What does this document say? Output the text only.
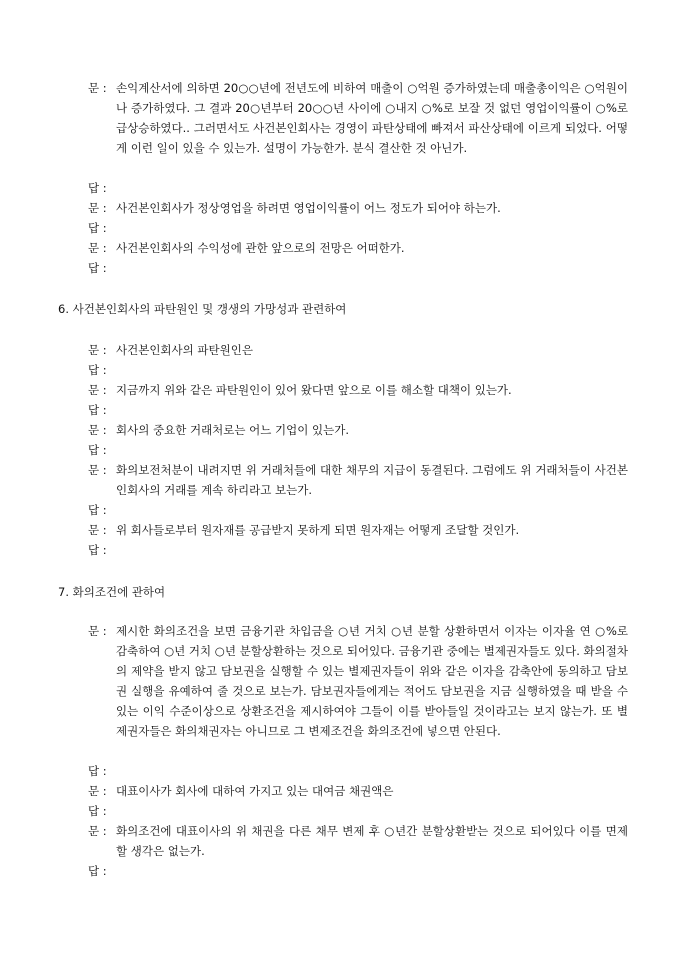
문 : 손익계산서에 의하면 20○○년에 전년도에 비하여 매출이 ○억원 증가하였는데 매출총이익은 ○억원이나 증가하였다. 그 결과 20○년부터 20○○년 사이에 ○내지 ○%로 보잘 것 없던 영업이익률이 ○%로 급상승하였다.. 그러면서도 사건본인회사는 경영이 파탄상태에 빠져서 파산상태에 이르게 되었다. 어떻게 이런 일이 있을 수 있는가. 설명이 가능한가. 분식 결산한 것 아닌가.
답 :
문 : 사건본인회사가 정상영업을 하려면 영업이익률이 어느 정도가 되어야 하는가.
답 :
문 : 사건본인회사의 수익성에 관한 앞으로의 전망은 어떠한가.
답 :
6. 사건본인회사의 파탄원인 및 갱생의 가망성과 관련하여
문 : 사건본인회사의 파탄원인은
답 :
문 : 지금까지 위와 같은 파탄원인이 있어 왔다면 앞으로 이를 해소할 대책이 있는가.
답 :
문 : 회사의 중요한 거래처로는 어느 기업이 있는가.
답 :
문 : 화의보전처분이 내려지면 위 거래처들에 대한 채무의 지급이 동결된다. 그럼에도 위 거래처들이 사건본인회사의 거래를 계속 하리라고 보는가.
답 :
문 : 위 회사들로부터 원자재를 공급받지 못하게 되면 원자재는 어떻게 조달할 것인가.
답 :
7. 화의조건에 관하여
문 : 제시한 화의조건을 보면 금융기관 차입금을 ○년 거치 ○년 분할 상환하면서 이자는 이자율 연 ○%로 감축하여 ○년 거치 ○년 분할상환하는 것으로 되어있다. 금융기관 중에는 별제권자들도 있다. 화의절차의 제약을 받지 않고 담보권을 실행할 수 있는 별제권자들이 위와 같은 이자을 감축안에 동의하고 담보권 실행을 유예하여 줄 것으로 보는가. 담보권자들에게는 적어도 담보권을 지금 실행하였을 때 받을 수 있는 이익 수준이상으로 상환조건을 제시하여야 그들이 이를 받아들일 것이라고는 보지 않는가. 또 별제권자들은 화의채권자는 아니므로 그 변제조건을 화의조건에 넣으면 안된다.
답 :
문 : 대표이사가 회사에 대하여 가지고 있는 대여금 채권액은
답 :
문 : 화의조건에 대표이사의 위 채권을 다른 채무 변제 후 ○년간 분할상환받는 것으로 되어있다 이를 면제할 생각은 없는가.
답 :
